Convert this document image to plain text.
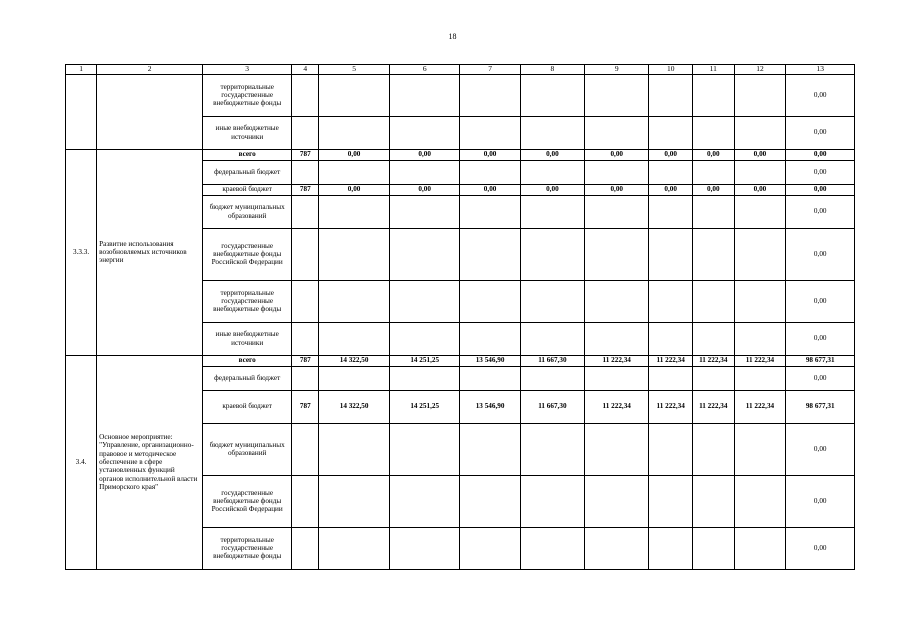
18
1	2	3	4	5	6	7	8	9	10	11	12	13
		территориальные государственные внебюджетные фонды										0,00
		иные внебюджетные источники										0,00
3.3.3.	Развитие использования возобновляемых источников энергии	всего	787	0,00	0,00	0,00	0,00	0,00	0,00	0,00	0,00	0,00
		федеральный бюджет										0,00
		краевой бюджет	787	0,00	0,00	0,00	0,00	0,00	0,00	0,00	0,00	0,00
		бюджет муниципальных образований										0,00
		государственные внебюджетные фонды Российской Федерации										0,00
		территориальные государственные внебюджетные фонды										0,00
		иные внебюджетные источники										0,00
3.4.	Основное мероприятие: "Управление, организационно-правовое и методическое обеспечение в сфере установленных функций органов исполнительной власти Приморского края"	всего	787	14 322,50	14 251,25	13 546,90	11 667,30	11 222,34	11 222,34	11 222,34	11 222,34	98 677,31
		федеральный бюджет										0,00
		краевой бюджет	787	14 322,50	14 251,25	13 546,90	11 667,30	11 222,34	11 222,34	11 222,34	11 222,34	98 677,31
		бюджет муниципальных образований										0,00
		государственные внебюджетные фонды Российской Федерации										0,00
		территориальные государственные внебюджетные фонды										0,00
